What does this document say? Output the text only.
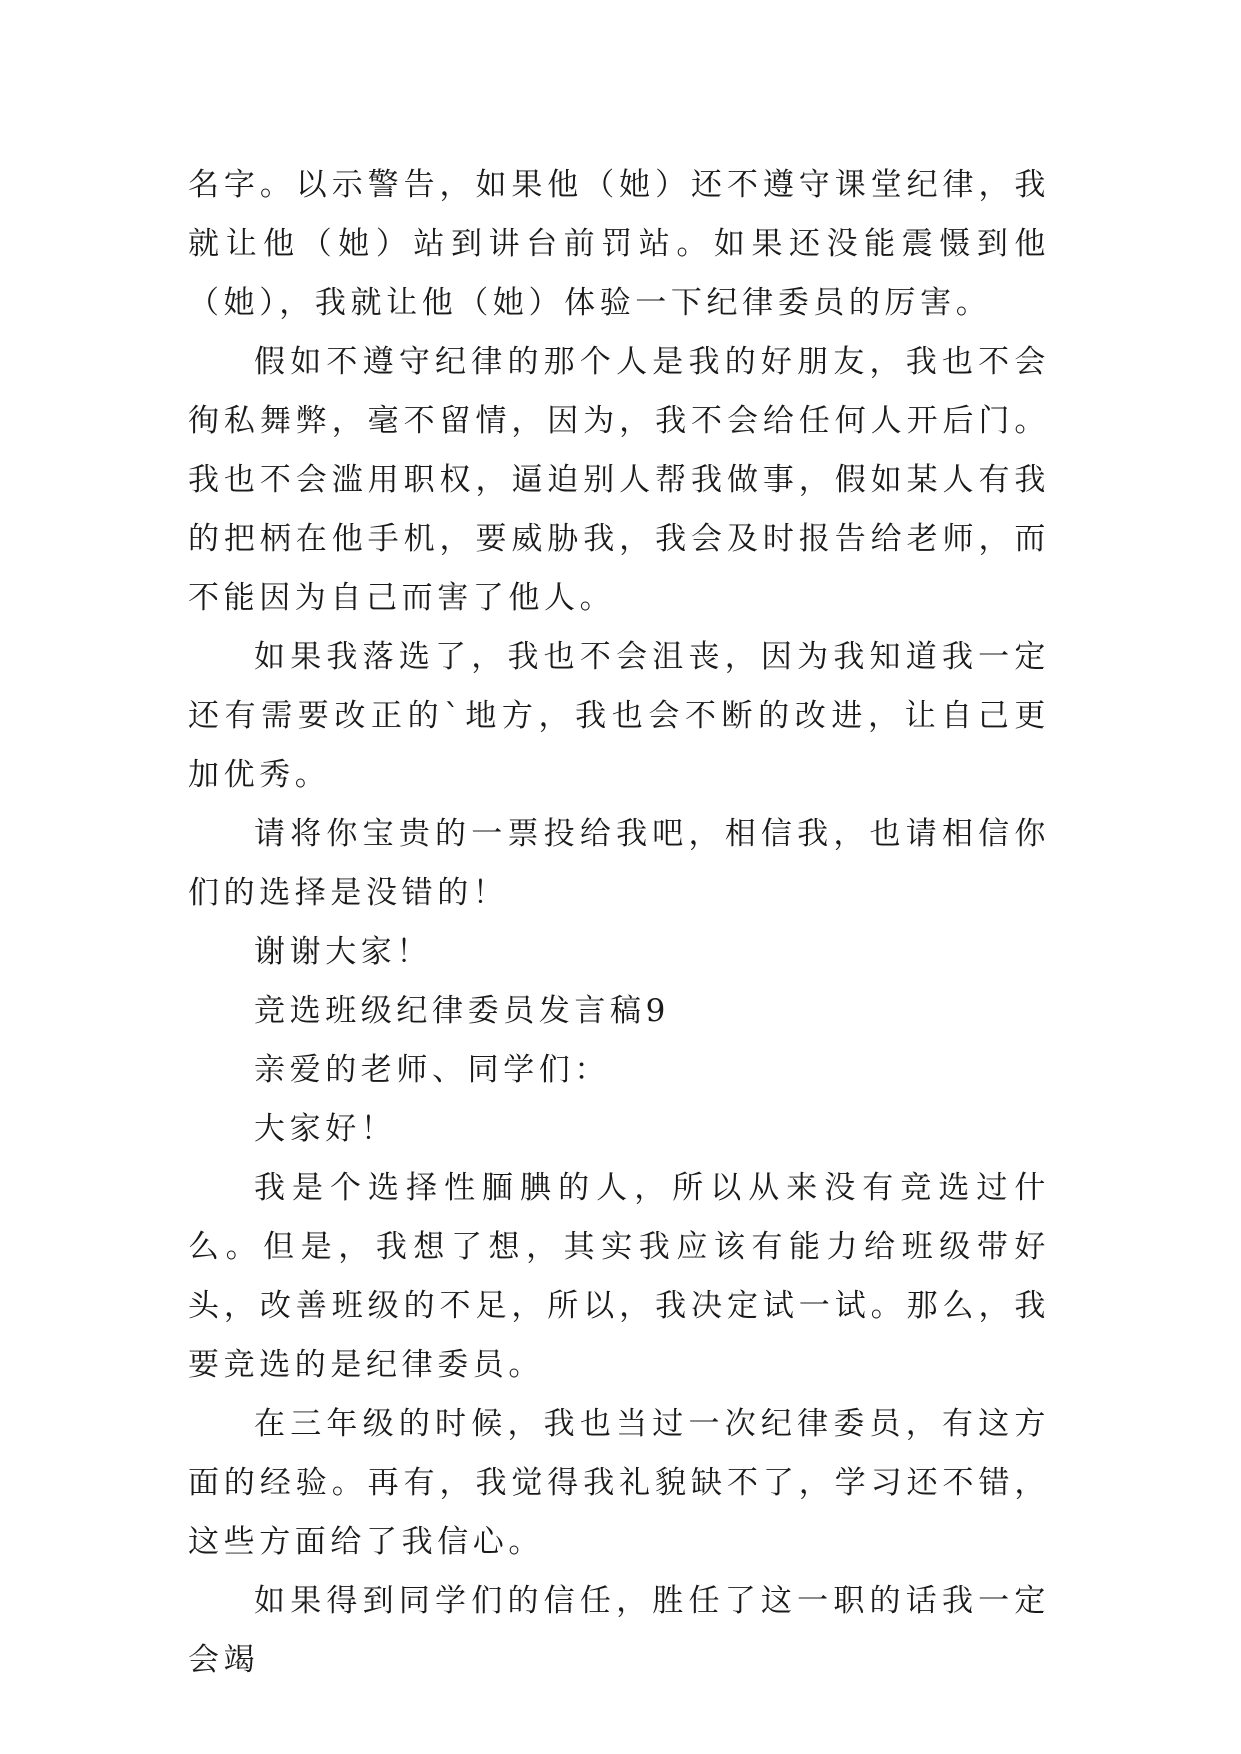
名字。以示警告，如果他（她）还不遵守课堂纪律，我就让他（她）站到讲台前罚站。如果还没能震慑到他（她），我就让他（她）体验一下纪律委员的厉害。

假如不遵守纪律的那个人是我的好朋友，我也不会徇私舞弊，毫不留情，因为，我不会给任何人开后门。我也不会滥用职权，逼迫别人帮我做事，假如某人有我的把柄在他手机，要威胁我，我会及时报告给老师，而不能因为自己而害了他人。

如果我落选了，我也不会沮丧，因为我知道我一定还有需要改正的`地方，我也会不断的改进，让自己更加优秀。

请将你宝贵的一票投给我吧，相信我，也请相信你们的选择是没错的！

谢谢大家！

竞选班级纪律委员发言稿9

亲爱的老师、同学们：

大家好！

我是个选择性腼腆的人，所以从来没有竞选过什么。但是，我想了想，其实我应该有能力给班级带好头，改善班级的不足，所以，我决定试一试。那么，我要竞选的是纪律委员。

在三年级的时候，我也当过一次纪律委员，有这方面的经验。再有，我觉得我礼貌缺不了，学习还不错，这些方面给了我信心。

如果得到同学们的信任，胜任了这一职的话我一定会竭
